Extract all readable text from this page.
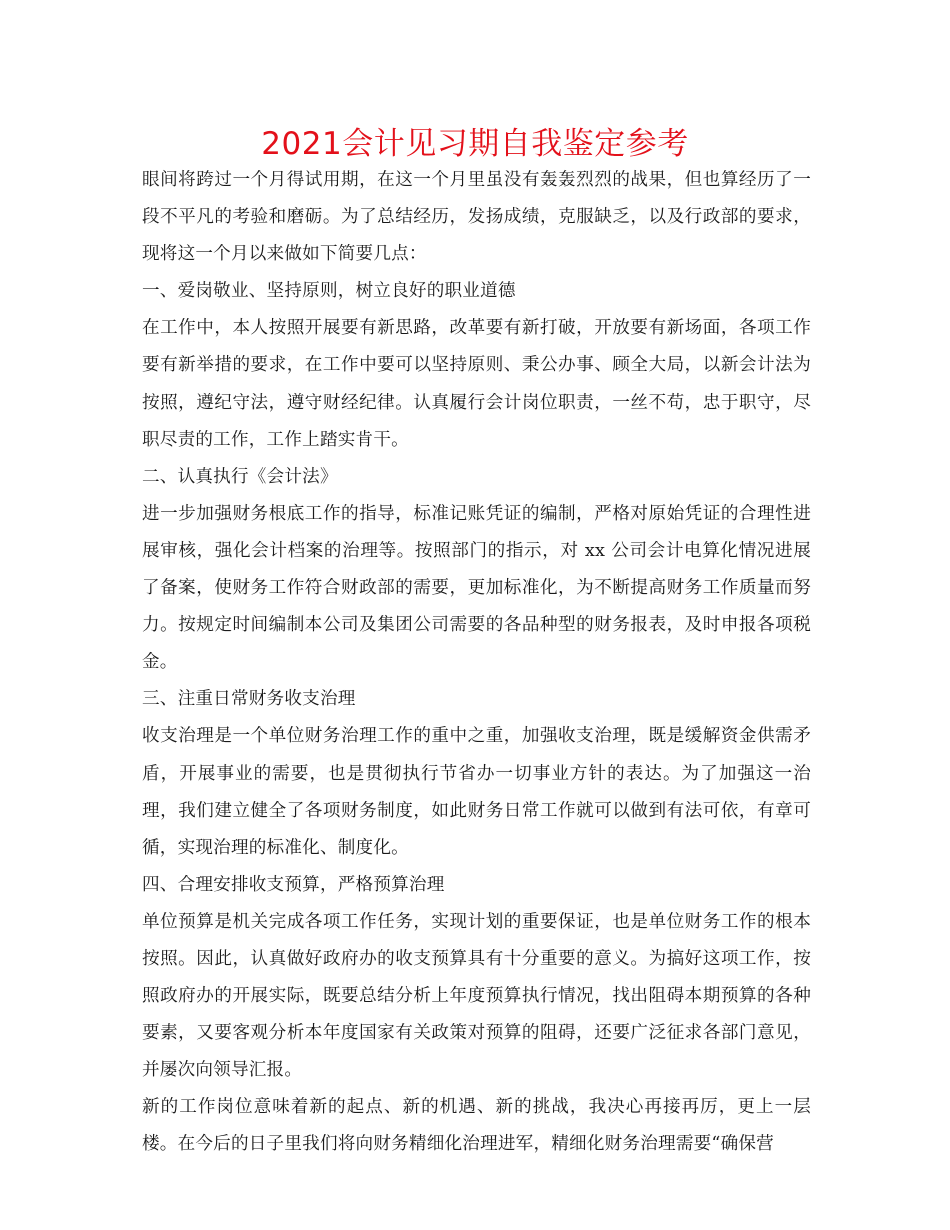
2021会计见习期自我鉴定参考

眼间将跨过一个月得试用期，在这一个月里虽没有轰轰烈烈的战果，但也算经历了一段不平凡的考验和磨砺。为了总结经历，发扬成绩，克服缺乏，以及行政部的要求，现将这一个月以来做如下简要几点：

一、爱岗敬业、坚持原则，树立良好的职业道德

在工作中，本人按照开展要有新思路，改革要有新打破，开放要有新场面，各项工作要有新举措的要求，在工作中要可以坚持原则、秉公办事、顾全大局，以新会计法为按照，遵纪守法，遵守财经纪律。认真履行会计岗位职责，一丝不苟，忠于职守，尽职尽责的工作，工作上踏实肯干。

二、认真执行《会计法》

进一步加强财务根底工作的指导，标准记账凭证的编制，严格对原始凭证的合理性进展审核，强化会计档案的治理等。按照部门的指示，对 xx 公司会计电算化情况进展了备案，使财务工作符合财政部的需要，更加标准化，为不断提高财务工作质量而努力。按规定时间编制本公司及集团公司需要的各品种型的财务报表，及时申报各项税金。

三、注重日常财务收支治理

收支治理是一个单位财务治理工作的重中之重，加强收支治理，既是缓解资金供需矛盾，开展事业的需要，也是贯彻执行节省办一切事业方针的表达。为了加强这一治理，我们建立健全了各项财务制度，如此财务日常工作就可以做到有法可依，有章可循，实现治理的标准化、制度化。

四、合理安排收支预算，严格预算治理

单位预算是机关完成各项工作任务，实现计划的重要保证，也是单位财务工作的根本按照。因此，认真做好政府办的收支预算具有十分重要的意义。为搞好这项工作，按照政府办的开展实际，既要总结分析上年度预算执行情况，找出阻碍本期预算的各种要素，又要客观分析本年度国家有关政策对预算的阻碍，还要广泛征求各部门意见，并屡次向领导汇报。

新的工作岗位意味着新的起点、新的机遇、新的挑战，我决心再接再厉，更上一层楼。在今后的日子里我们将向财务精细化治理进军，精细化财务治理需要“确保营
